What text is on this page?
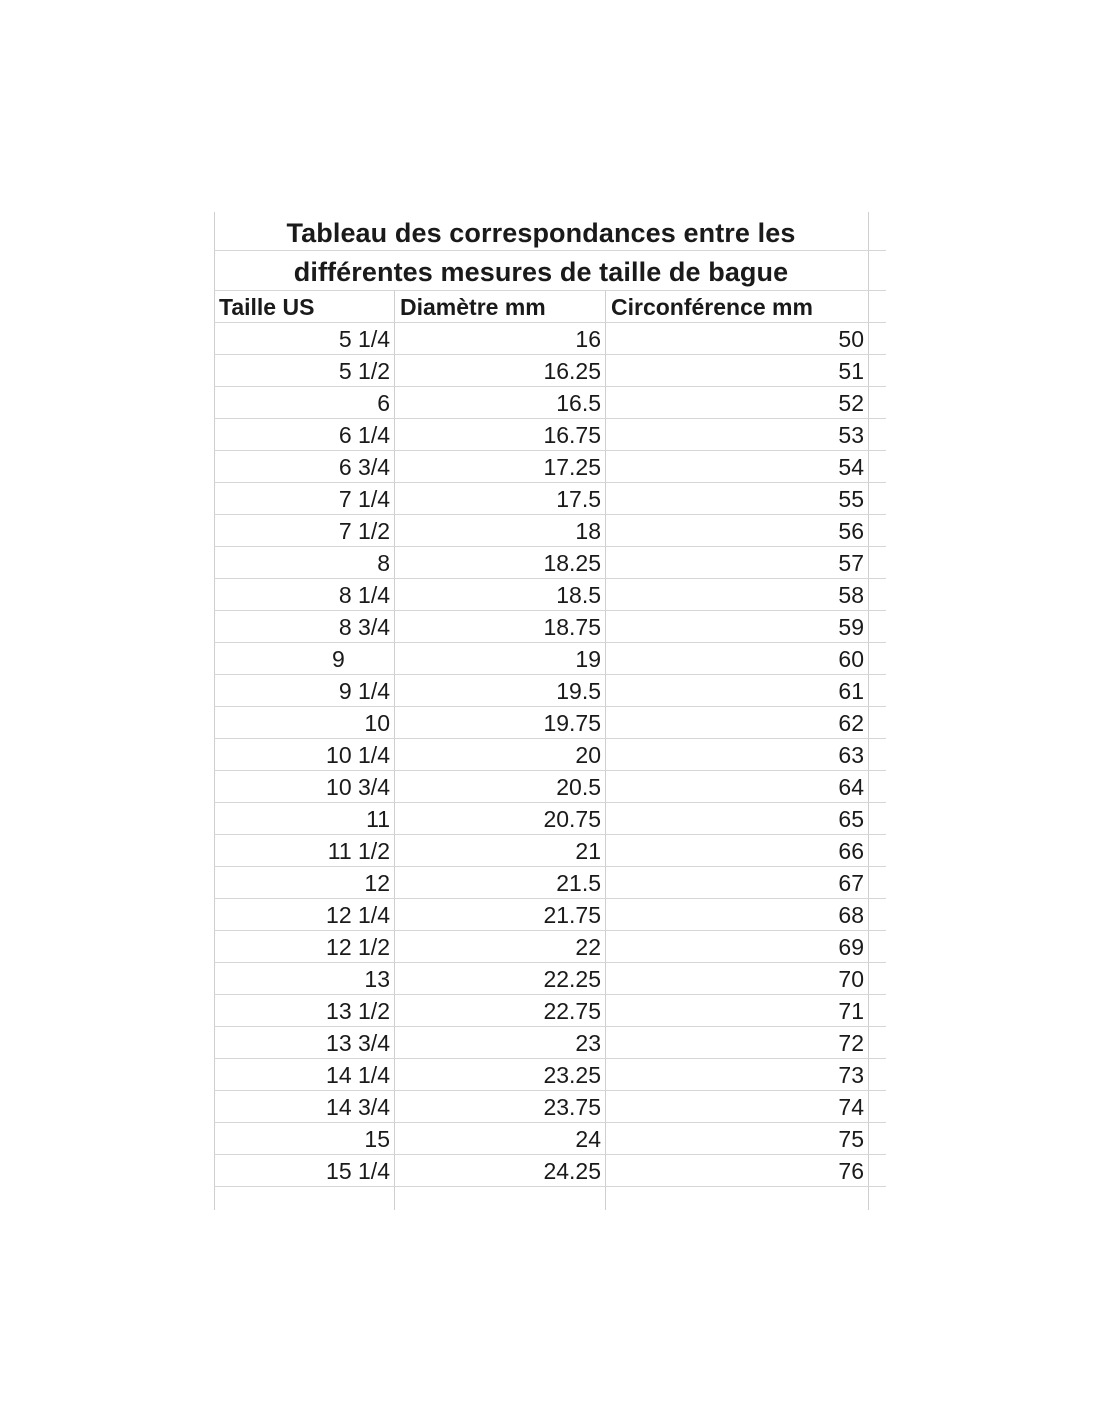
Tableau des correspondances entre les
différentes mesures de taille de bague
Taille US	Diamètre mm	Circonférence mm
5 1/4	16	50
5 1/2	16.25	51
6	16.5	52
6 1/4	16.75	53
6 3/4	17.25	54
7 1/4	17.5	55
7 1/2	18	56
8	18.25	57
8 1/4	18.5	58
8 3/4	18.75	59
9	19	60
9 1/4	19.5	61
10	19.75	62
10 1/4	20	63
10 3/4	20.5	64
11	20.75	65
11 1/2	21	66
12	21.5	67
12 1/4	21.75	68
12 1/2	22	69
13	22.25	70
13 1/2	22.75	71
13 3/4	23	72
14 1/4	23.25	73
14 3/4	23.75	74
15	24	75
15 1/4	24.25	76
